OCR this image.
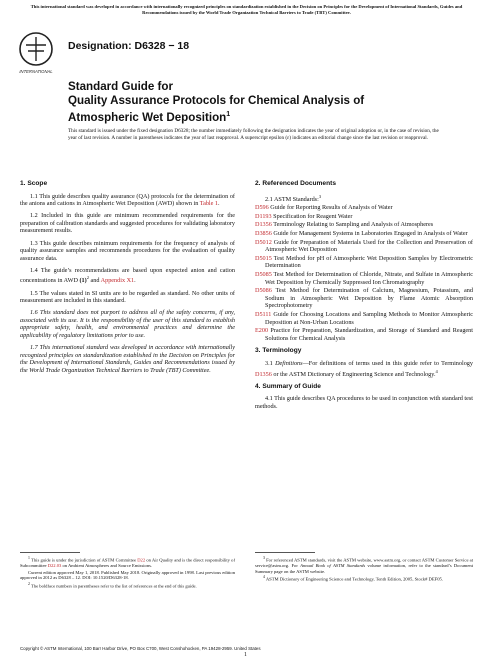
This international standard was developed in accordance with internationally recognized principles on standardization established in the Decision on Principles for the Development of International Standards, Guides and Recommendations issued by the World Trade Organization Technical Barriers to Trade (TBT) Committee.
INTERNATIONAL
Designation: D6328 − 18
Standard Guide for
Quality Assurance Protocols for Chemical Analysis of
Atmospheric Wet Deposition$^1$
This standard is issued under the fixed designation D6328; the number immediately following the designation indicates the year of original adoption or, in the case of revision, the year of last revision. A number in parentheses indicates the year of last reapproval. A superscript epsilon (ε) indicates an editorial change since the last revision or reapproval.
1. Scope

1.1 This guide describes quality assurance (QA) protocols for the determination of the anions and cations in Atmospheric Wet Deposition (AWD) shown in Table 1.

1.2 Included in this guide are minimum recommended requirements for the preparation of calibration standards and suggested procedures for validating laboratory measurement results.

1.3 This guide describes minimum requirements for the frequency of analysis of quality assurance samples and recommends procedures for the evaluation of quality assurance data.

1.4 The guide’s recommendations are based upon expected anion and cation concentrations in AWD $(1)^2$ and Appendix X1.

1.5 The values stated in SI units are to be regarded as standard. No other units of measurement are included in this standard.

1.6 This standard does not purport to address all of the safety concerns, if any, associated with its use. It is the responsibility of the user of this standard to establish appropriate safety, health, and environmental practices and determine the applicability of regulatory limitations prior to use.

1.7 This international standard was developed in accordance with internationally recognized principles on standardization established in the Decision on Principles for the Development of International Standards, Guides and Recommendations issued by the World Trade Organization Technical Barriers to Trade (TBT) Committee.

2. Referenced Documents

2.1 ASTM Standards:$^3$

D596 Guide for Reporting Results of Analysis of Water
D1193 Specification for Reagent Water
D1356 Terminology Relating to Sampling and Analysis of Atmospheres
D3856 Guide for Management Systems in Laboratories Engaged in Analysis of Water
D5012 Guide for Preparation of Materials Used for the Collection and Preservation of Atmospheric Wet Deposition
D5015 Test Method for pH of Atmospheric Wet Deposition Samples by Electrometric Determination
D5085 Test Method for Determination of Chloride, Nitrate, and Sulfate in Atmospheric Wet Deposition by Chemically Suppressed Ion Chromatography
D5086 Test Method for Determination of Calcium, Magnesium, Potassium, and Sodium in Atmospheric Wet Deposition by Flame Atomic Absorption Spectrophotometry
D5111 Guide for Choosing Locations and Sampling Methods to Monitor Atmospheric Deposition at Non-Urban Locations
E200 Practice for Preparation, Standardization, and Storage of Standard and Reagent Solutions for Chemical Analysis
3. Terminology

3.1 Definitions—For definitions of terms used in this guide refer to Terminology D1356 or the ASTM Dictionary of Engineering Science and Technology.$^4$

4. Summary of Guide

4.1 This guide describes QA procedures to be used in conjunction with standard test methods.

$^1$ This guide is under the jurisdiction of ASTM Committee D22 on Air Quality and is the direct responsibility of Subcommittee D22.03 on Ambient Atmospheres and Source Emissions.

Current edition approved May 1, 2018. Published May 2018. Originally approved in 1998. Last previous edition approved in 2012 as D6328 – 12. DOI: 10.1520/D6328-18.

$^2$ The boldface numbers in parentheses refer to the list of references at the end of this guide.

$^3$ For referenced ASTM standards, visit the ASTM website, www.astm.org, or contact ASTM Customer Service at service@astm.org. For Annual Book of ASTM Standards volume information, refer to the standard’s Document Summary page on the ASTM website.

$^4$ ASTM Dictionary of Engineering Science and Technology, Tenth Edition, 2005, Stock# DEF05.

Copyright © ASTM International, 100 Barr Harbor Drive, PO Box C700, West Conshohocken, PA 19428-2959. United States
1
